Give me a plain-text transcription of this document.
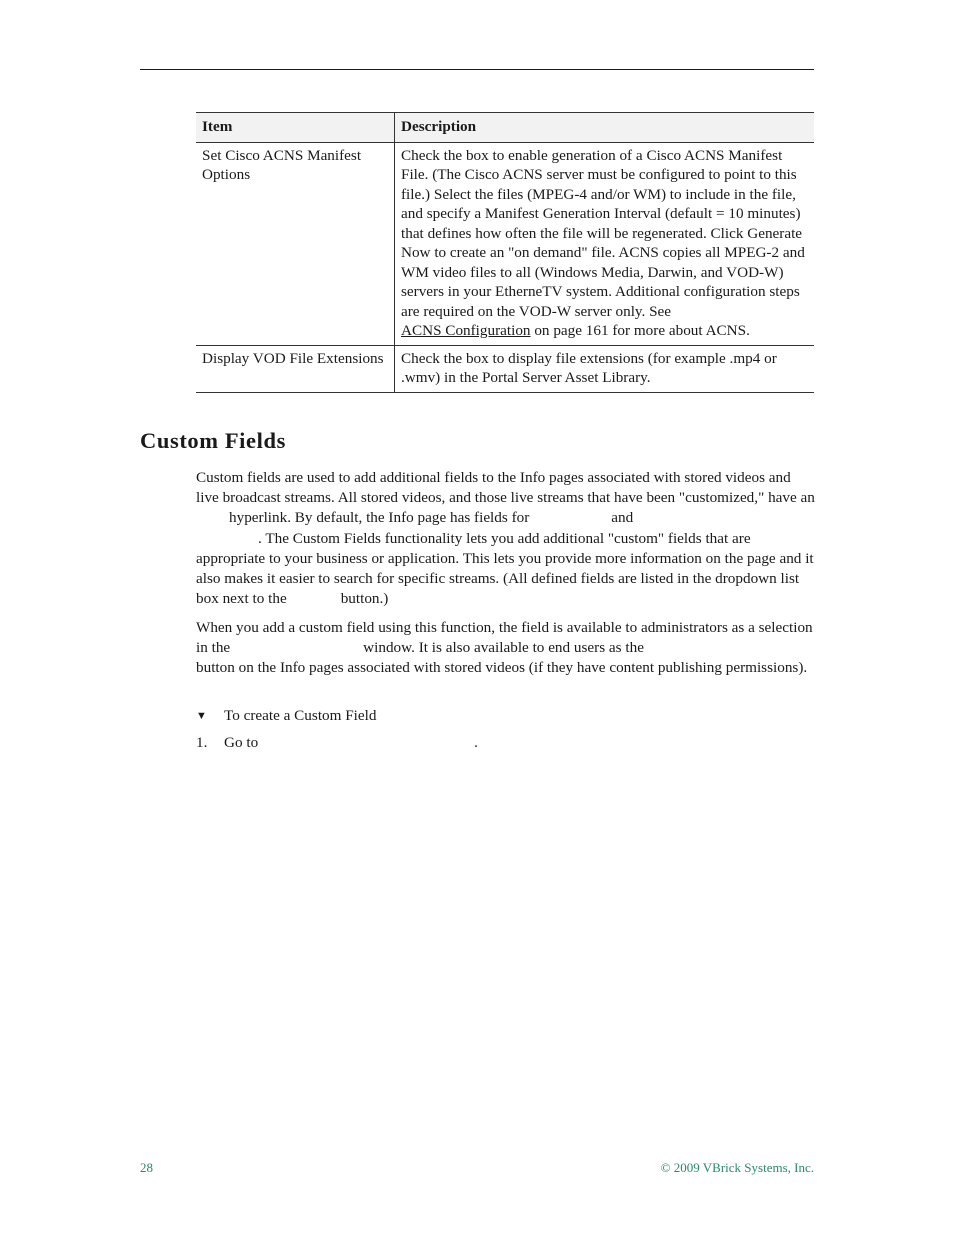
Item	Description
Set Cisco ACNS Manifest Options	Check the box to enable generation of a Cisco ACNS Manifest File. (The Cisco ACNS server must be configured to point to this file.) Select the files (MPEG-4 and/or WM) to include in the file, and specify a Manifest Generation Interval (default = 10 minutes) that defines how often the file will be regenerated. Click Generate Now to create an "on demand" file. ACNS copies all MPEG-2 and WM video files to all (Windows Media, Darwin, and VOD-W) servers in your EtherneTV system. Additional configuration steps are required on the VOD-W server only. See
ACNS Configuration on page 161 for more about ACNS.
Display VOD File Extensions	Check the box to display file extensions (for example .mp4 or .wmv) in the Portal Server Asset Library.
Custom Fields

Custom fields are used to add additional fields to the Info pages associated with stored videos and live broadcast streams. All stored videos, and those live streams that have been "customized," have anhyperlink. By default, the Info page has fields for	and
. The Custom Fields functionality lets you add additional "custom" fields that are appropriate to your business or application. This lets you provide more information on the page and it also makes it easier to search for specific streams. (All defined fields are listed in the dropdown list box next to the	button.)

When you add a custom field using this function, the field is available to administrators as a selection in the	window. It is also available to end users as the
button on the Info pages associated with stored videos (if they have content publishing permissions).

▼ To create a Custom Field
1. Go to	.
28	© 2009 VBrick Systems, Inc.
